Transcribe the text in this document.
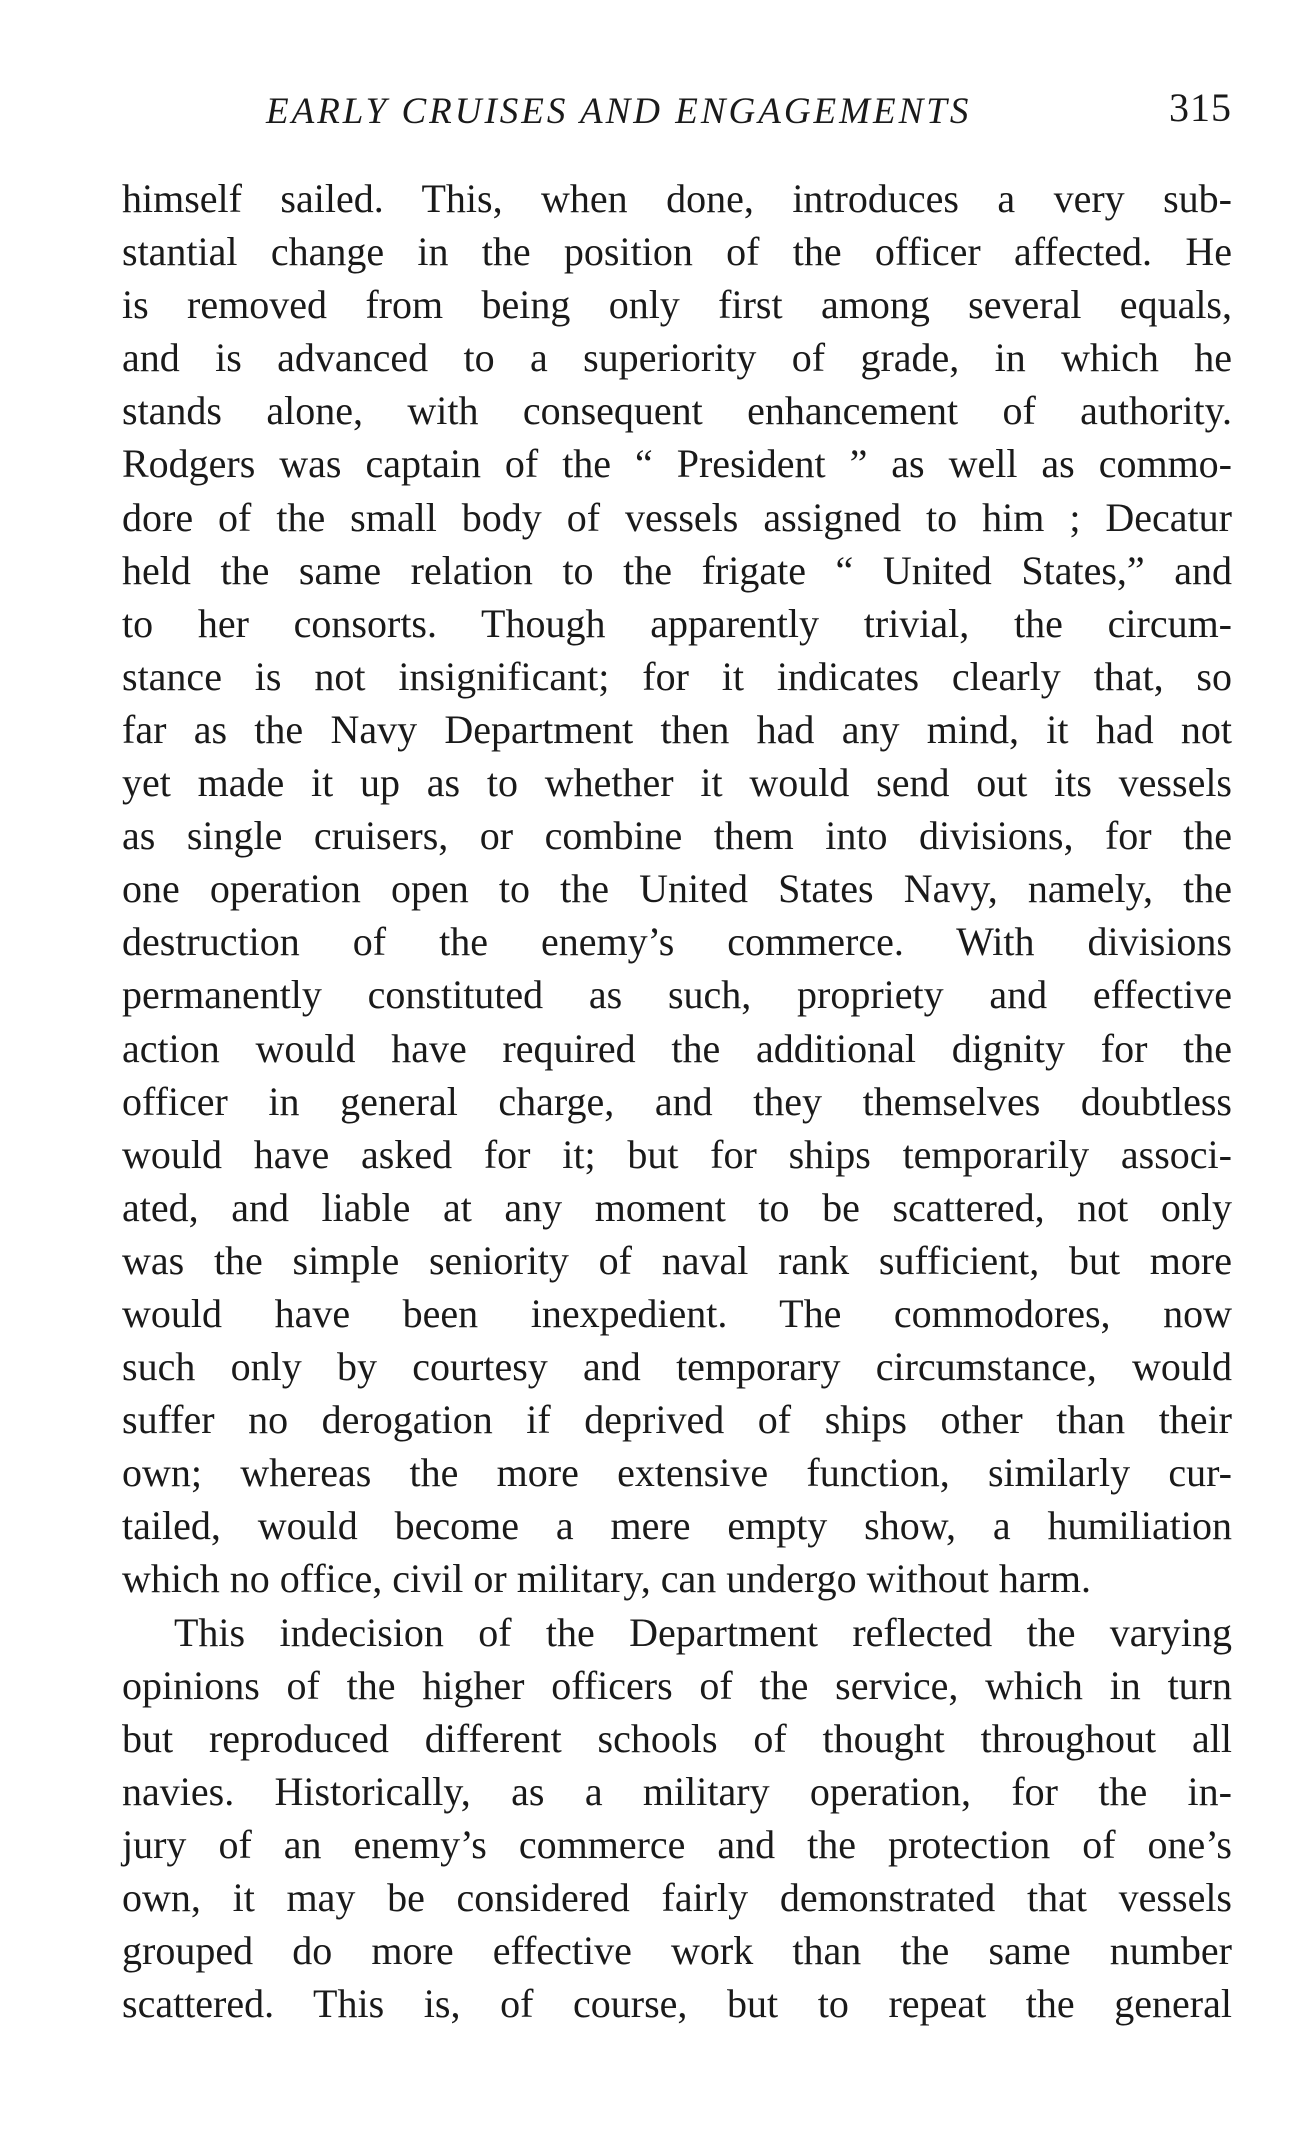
EARLY CRUISES AND ENGAGEMENTS	315
himself sailed. This, when done, introduces a very sub-
stantial change in the position of the officer affected. He
is removed from being only first among several equals,
and is advanced to a superiority of grade, in which he
stands alone, with consequent enhancement of authority.
Rodgers was captain of the “ President ” as well as commo-
dore of the small body of vessels assigned to him ; Decatur
held the same relation to the frigate “ United States,” and
to her consorts. Though apparently trivial, the circum-
stance is not insignificant; for it indicates clearly that, so
far as the Navy Department then had any mind, it had not
yet made it up as to whether it would send out its vessels
as single cruisers, or combine them into divisions, for the
one operation open to the United States Navy, namely, the
destruction of the enemy’s commerce. With divisions
permanently constituted as such, propriety and effective
action would have required the additional dignity for the
officer in general charge, and they themselves doubtless
would have asked for it; but for ships temporarily associ-
ated, and liable at any moment to be scattered, not only
was the simple seniority of naval rank sufficient, but more
would have been inexpedient. The commodores, now
such only by courtesy and temporary circumstance, would
suffer no derogation if deprived of ships other than their
own; whereas the more extensive function, similarly cur-
tailed, would become a mere empty show, a humiliation
which no office, civil or military, can undergo without harm.
This indecision of the Department reflected the varying
opinions of the higher officers of the service, which in turn
but reproduced different schools of thought throughout all
navies. Historically, as a military operation, for the in-
jury of an enemy’s commerce and the protection of one’s
own, it may be considered fairly demonstrated that vessels
grouped do more effective work than the same number
scattered. This is, of course, but to repeat the general
